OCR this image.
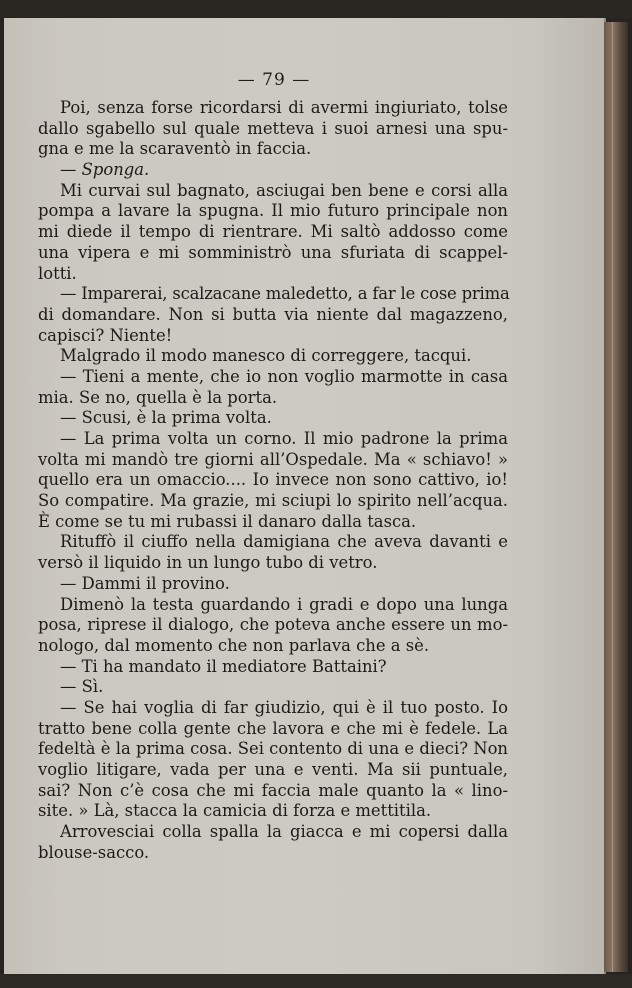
— 79 —
Poi, senza forse ricordarsi di avermi ingiuriato, tolse
dallo sgabello sul quale metteva i suoi arnesi una spu-
gna e me la scaraventò in faccia.
— Sponga.
Mi curvai sul bagnato, asciugai ben bene e corsi alla
pompa a lavare la spugna. Il mio futuro principale non
mi diede il tempo di rientrare. Mi saltò addosso come
una vipera e mi somministrò una sfuriata di scappel-
lotti.
— Imparerai, scalzacane maledetto, a far le cose prima
di domandare. Non si butta via niente dal magazzeno,
capisci? Niente!
Malgrado il modo manesco di correggere, tacqui.
— Tieni a mente, che io non voglio marmotte in casa
mia. Se no, quella è la porta.
— Scusi, è la prima volta.
— La prima volta un corno. Il mio padrone la prima
volta mi mandò tre giorni all’Ospedale. Ma « schiavo! »
quello era un omaccio.... Io invece non sono cattivo, io!
So compatire. Ma grazie, mi sciupi lo spirito nell’acqua.
È come se tu mi rubassi il danaro dalla tasca.
Rituffò il ciuffo nella damigiana che aveva davanti e
versò il liquido in un lungo tubo di vetro.
— Dammi il provino.
Dimenò la testa guardando i gradi e dopo una lunga
posa, riprese il dialogo, che poteva anche essere un mo-
nologo, dal momento che non parlava che a sè.
— Ti ha mandato il mediatore Battaini?
— Sì.
— Se hai voglia di far giudizio, qui è il tuo posto. Io
tratto bene colla gente che lavora e che mi è fedele. La
fedeltà è la prima cosa. Sei contento di una e dieci? Non
voglio litigare, vada per una e venti. Ma sii puntuale,
sai? Non c’è cosa che mi faccia male quanto la « lino-
site. » Là, stacca la camicia di forza e mettitila.
Arrovesciai colla spalla la giacca e mi copersi dalla
blouse-sacco.
